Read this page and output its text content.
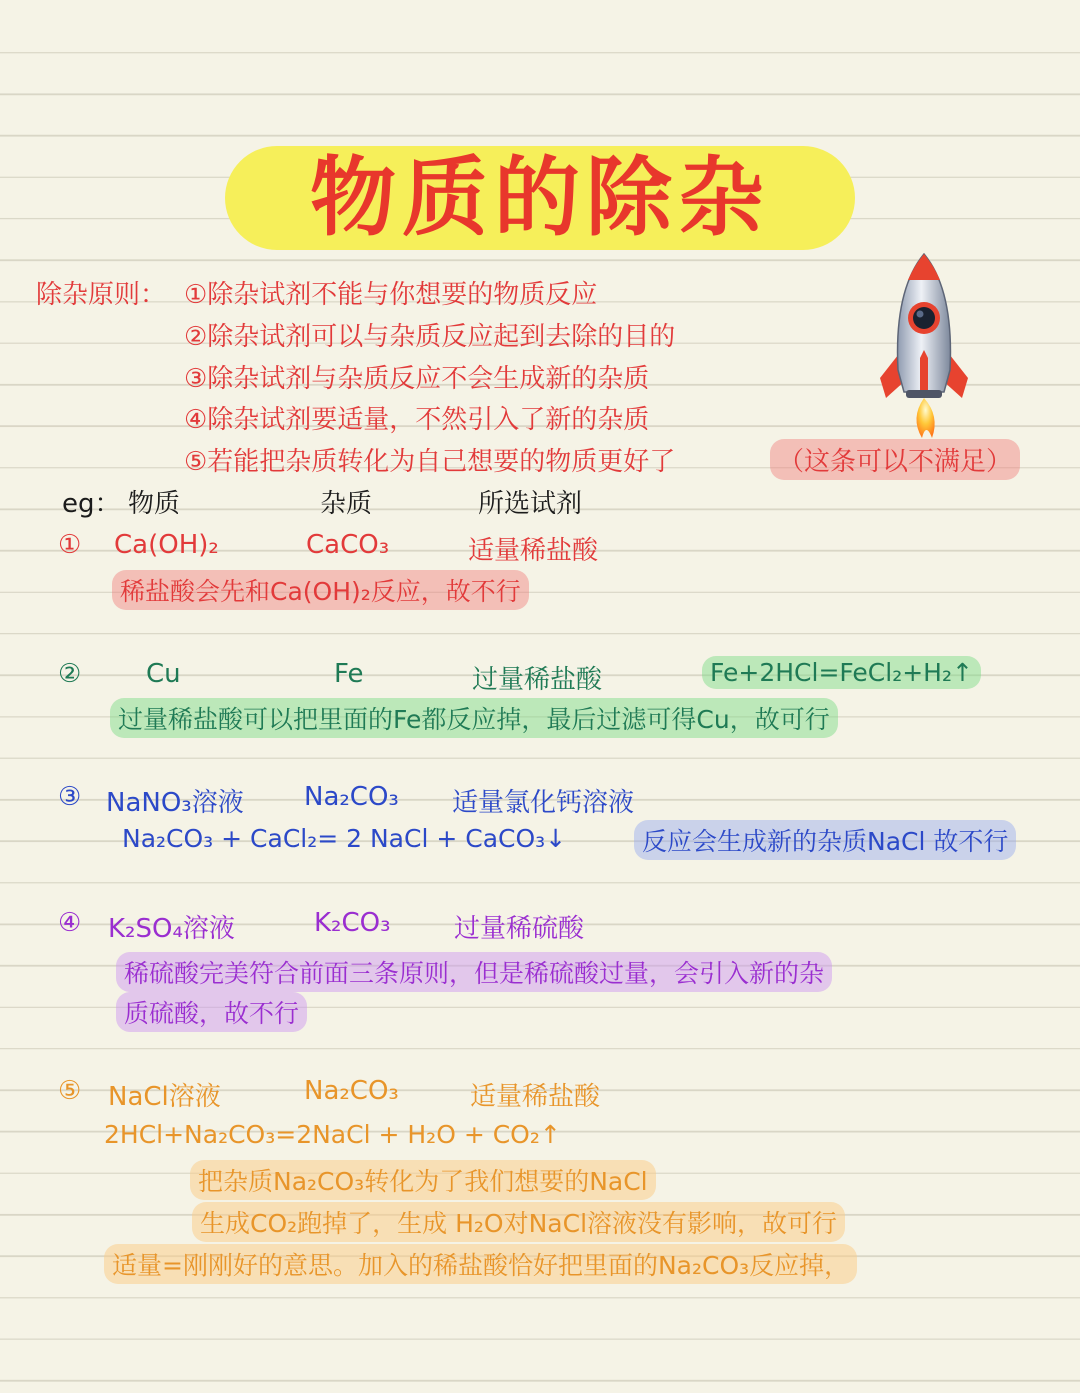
物质的除杂
除杂原则： ①除杂试剂不能与你想要的物质反应
②除杂试剂可以与杂质反应起到去除的目的
③除杂试剂与杂质反应不会生成新的杂质
④除杂试剂要适量，不然引入了新的杂质
⑤若能把杂质转化为自己想要的物质更好了	（这条可以不满足）
eg： 物质	杂质	所选试剂
① Ca(OH)₂	CaCO₃	适量稀盐酸
稀盐酸会先和Ca(OH)₂反应，故不行
② Cu	Fe	过量稀盐酸	Fe+2HCl=FeCl₂+H₂↑
过量稀盐酸可以把里面的Fe都反应掉，最后过滤可得Cu，故可行
③ NaNO₃溶液 Na₂CO₃ 适量氯化钙溶液
Na₂CO₃ + CaCl₂= 2 NaCl + CaCO₃↓	反应会生成新的杂质NaCl 故不行
④ K₂SO₄溶液	K₂CO₃ 过量稀硫酸
稀硫酸完美符合前面三条原则，但是稀硫酸过量，会引入新的杂
质硫酸，故不行
⑤ NaCl溶液	Na₂CO₃	适量稀盐酸
2HCl+Na₂CO₃=2NaCl + H₂O + CO₂↑
把杂质Na₂CO₃转化为了我们想要的NaCl
生成CO₂跑掉了，生成 H₂O对NaCl溶液没有影响，故可行
适量=刚刚好的意思。加入的稀盐酸恰好把里面的Na₂CO₃反应掉，
